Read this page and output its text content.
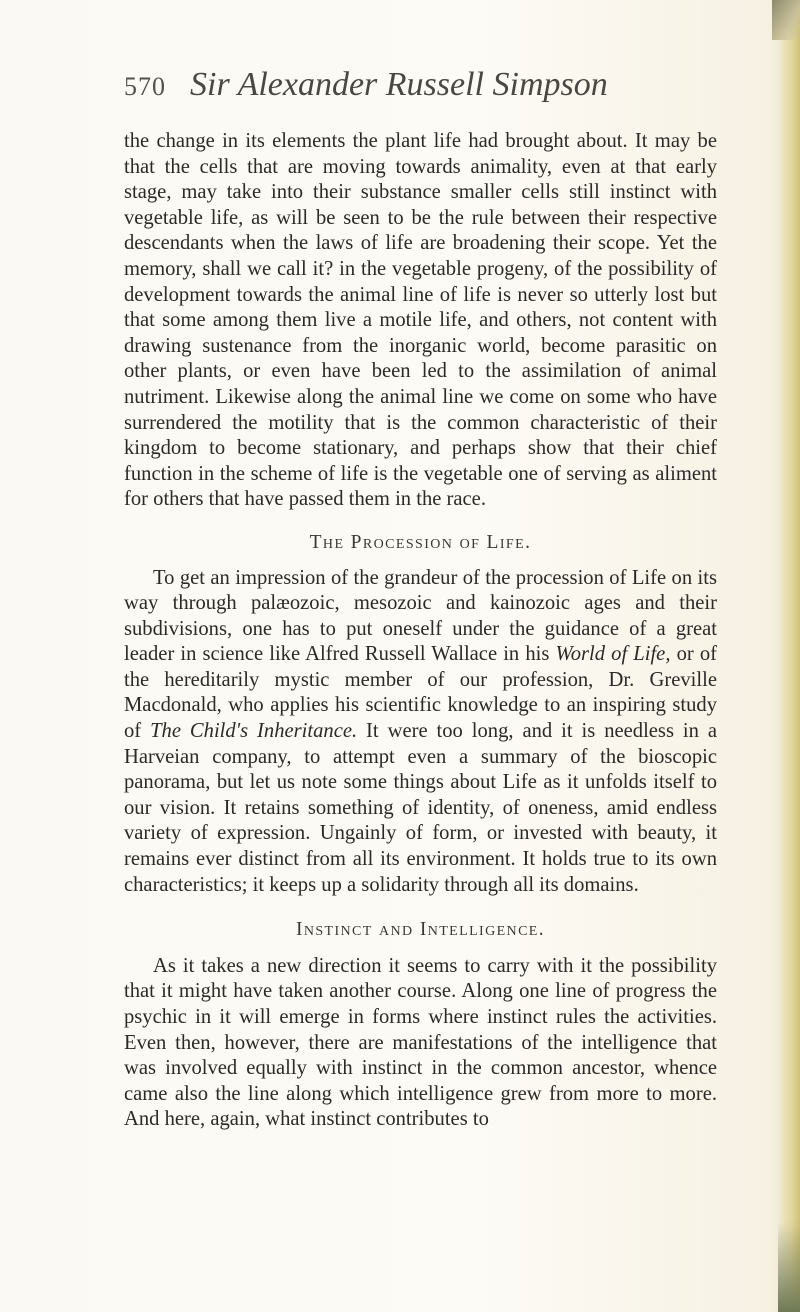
570 Sir Alexander Russell Simpson

the change in its elements the plant life had brought about. It may be that the cells that are moving towards animality, even at that early stage, may take into their substance smaller cells still instinct with vegetable life, as will be seen to be the rule between their respective descendants when the laws of life are broadening their scope. Yet the memory, shall we call it? in the vegetable progeny, of the possibility of development towards the animal line of life is never so utterly lost but that some among them live a motile life, and others, not content with drawing sustenance from the inorganic world, become parasitic on other plants, or even have been led to the assimilation of animal nutriment. Likewise along the animal line we come on some who have surrendered the motility that is the common characteristic of their kingdom to become stationary, and perhaps show that their chief function in the scheme of life is the vegetable one of serving as aliment for others that have passed them in the race.

The Procession of Life.

To get an impression of the grandeur of the procession of Life on its way through palæozoic, mesozoic and kainozoic ages and their subdivisions, one has to put oneself under the guidance of a great leader in science like Alfred Russell Wallace in his World of Life, or of the hereditarily mystic member of our profession, Dr. Greville Macdonald, who applies his scientific knowledge to an inspiring study of The Child's Inheritance. It were too long, and it is needless in a Harveian company, to attempt even a summary of the bioscopic panorama, but let us note some things about Life as it unfolds itself to our vision. It retains something of identity, of oneness, amid endless variety of expression. Ungainly of form, or invested with beauty, it remains ever distinct from all its environment. It holds true to its own characteristics; it keeps up a solidarity through all its domains.

Instinct and Intelligence.

As it takes a new direction it seems to carry with it the possibility that it might have taken another course. Along one line of progress the psychic in it will emerge in forms where instinct rules the activities. Even then, however, there are manifestations of the intelligence that was involved equally with instinct in the common ancestor, whence came also the line along which intelligence grew from more to more. And here, again, what instinct contributes to
